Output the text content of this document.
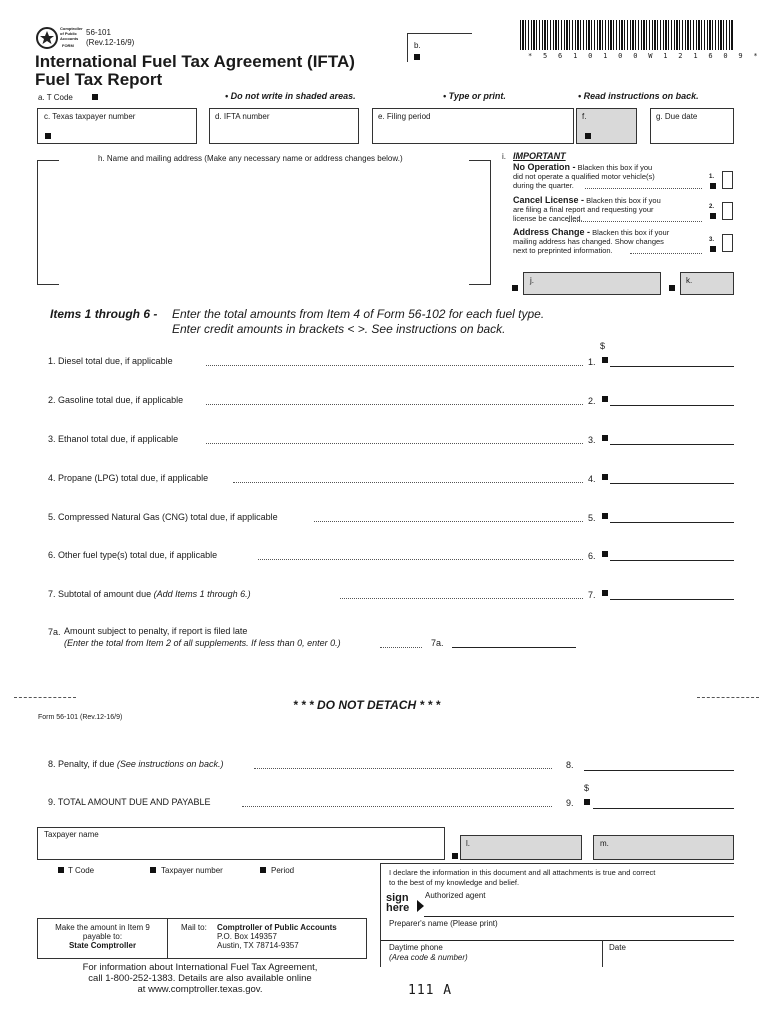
Comptroller of Public Accounts
FORM
56-101
(Rev.12-16/9)
International Fuel Tax Agreement (IFTA)
Fuel Tax Report
b.
* 5 6 1 0 1 0 0 W 1 2 1 6 0 9 *
a. T Code	• Do not write in shaded areas.	• Type or print.	• Read instructions on back.
c. Texas taxpayer number	d. IFTA number	e. Filing period	f.	g. Due date
h. Name and mailing address (Make any necessary name or address changes below.)	i. IMPORTANT
No Operation - Blacken this box if you
did not operate a qualified motor vehicle(s)
during the quarter.
1.
Cancel License - Blacken this box if you
are filing a final report and requesting your
license be cancelled.
2.
Address Change - Blacken this box if your
mailing address has changed. Show changes
next to preprinted information.
3.
j.	k.
Items 1 through 6 - Enter the total amounts from Item 4 of Form 56-102 for each fuel type.
Enter credit amounts in brackets < >. See instructions on back.
$
1. Diesel total due, if applicable	1.
2. Gasoline total due, if applicable	2.
3. Ethanol total due, if applicable	3.
4. Propane (LPG) total due, if applicable	4.
5. Compressed Natural Gas (CNG) total due, if applicable	5.
6. Other fuel type(s) total due, if applicable	6.
7. Subtotal of amount due (Add Items 1 through 6.)	7.
7a. Amount subject to penalty, if report is filed late
(Enter the total from Item 2 of all supplements. If less than 0, enter 0.)	7a.
* * * DO NOT DETACH * * *
Form 56-101 (Rev.12-16/9)
8. Penalty, if due (See instructions on back.)	8.
$
9. TOTAL AMOUNT DUE AND PAYABLE	9.
Taxpayer name
l.	m.
T Code	Taxpayer number	Period	I declare the information in this document and all attachments is true and correct
to the best of my knowledge and belief.
sign
here
Authorized agent
Preparer's name (Please print)
Daytime phone
(Area code & number)
Date
Make the amount in Item 9
payable to:
State Comptroller
Mail to: Comptroller of Public Accounts
P.O. Box 149357
Austin, TX 78714-9357
For information about International Fuel Tax Agreement,
call 1-800-252-1383. Details are also available online
at www.comptroller.texas.gov.	111 A
